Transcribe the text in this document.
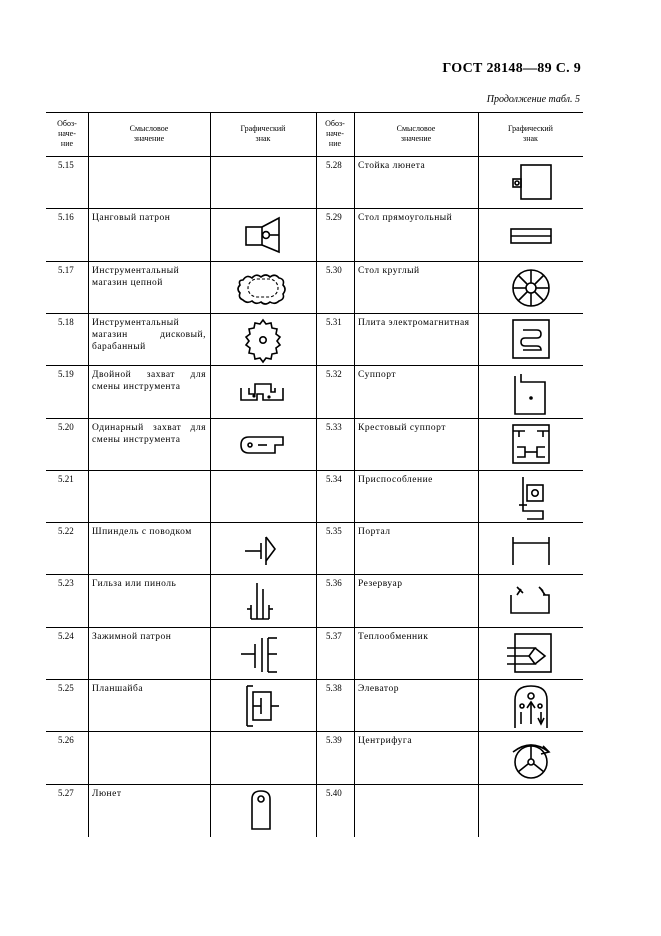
ГОСТ 28148—89 С. 9
Продолжение табл. 5
Обоз-
наче-
ние
Смысловое
значение
Графический
знак
Обоз-
наче-
ние
Смысловое
значение
Графический
знак
5.15
5.16 Цанговый патрон
5.17 Инструментальный магазин цепной
5.18 Инструментальный магазин дисковый, барабанный
5.19 Двойной захват для смены инструмента
5.20 Одинарный захват для смены инструмента
5.21
5.22 Шпиндель с поводком
5.23 Гильза или пиноль
5.24 Зажимной патрон
5.25 Планшайба
5.26
5.27 Люнет
5.28 Стойка люнета
5.29 Стол прямоугольный
5.30 Стол круглый
5.31 Плита электромагнитная
5.32 Суппорт
5.33 Крестовый суппорт
5.34 Приспособление
5.35 Портал
5.36 Резервуар
5.37 Теплообменник
5.38 Элеватор
5.39 Центрифуга
5.40
